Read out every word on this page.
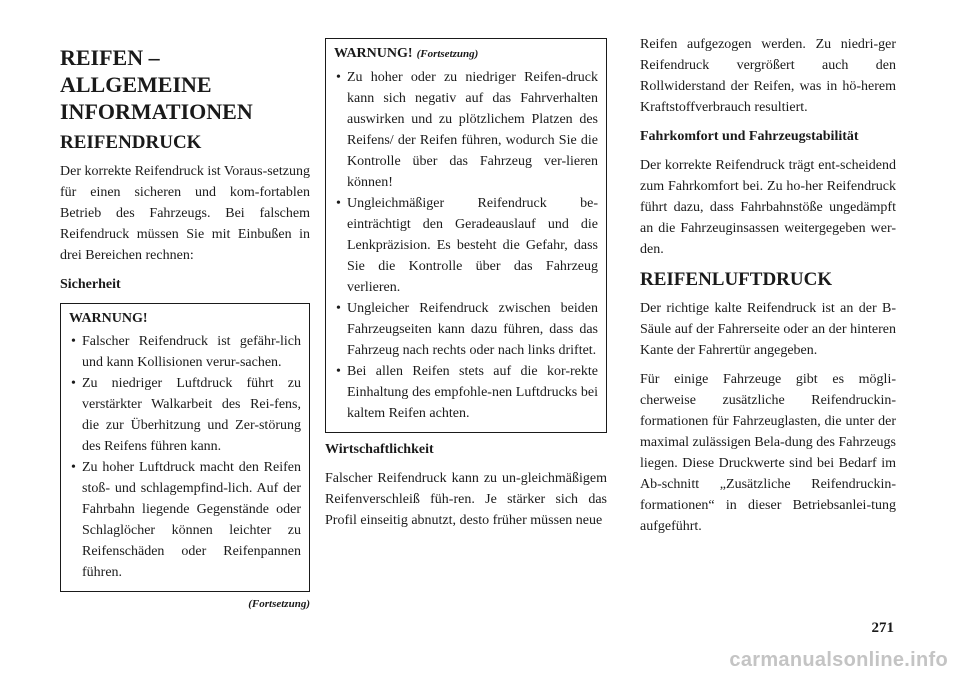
REIFEN – ALLGEMEINE INFORMATIONEN
REIFENDRUCK

Der korrekte Reifendruck ist Voraus-setzung für einen sicheren und kom-fortablen Betrieb des Fahrzeugs. Bei falschem Reifendruck müssen Sie mit Einbußen in drei Bereichen rechnen:

Sicherheit
WARNUNG!
• Falscher Reifendruck ist gefähr-lich und kann Kollisionen verur-sachen.
• Zu niedriger Luftdruck führt zu verstärkter Walkarbeit des Rei-fens, die zur Überhitzung und Zer-störung des Reifens führen kann.
• Zu hoher Luftdruck macht den Reifen stoß- und schlagempfind-lich. Auf der Fahrbahn liegende Gegenstände oder Schlaglöcher können leichter zu Reifenschäden oder Reifenpannen führen.
(Fortsetzung)
WARNUNG! (Fortsetzung)
• Zu hoher oder zu niedriger Reifen-druck kann sich negativ auf das Fahrverhalten auswirken und zu plötzlichem Platzen des Reifens/ der Reifen führen, wodurch Sie die Kontrolle über das Fahrzeug ver-lieren können!
• Ungleichmäßiger Reifendruck be-einträchtigt den Geradeauslauf und die Lenkpräzision. Es besteht die Gefahr, dass Sie die Kontrolle über das Fahrzeug verlieren.
• Ungleicher Reifendruck zwischen beiden Fahrzeugseiten kann dazu führen, dass das Fahrzeug nach rechts oder nach links driftet.
• Bei allen Reifen stets auf die kor-rekte Einhaltung des empfohle-nen Luftdrucks bei kaltem Reifen achten.
Wirtschaftlichkeit

Falscher Reifendruck kann zu un-gleichmäßigem Reifenverschleiß füh-ren. Je stärker sich das Profil einseitig abnutzt, desto früher müssen neue

Reifen aufgezogen werden. Zu niedri-ger Reifendruck vergrößert auch den Rollwiderstand der Reifen, was in hö-herem Kraftstoffverbrauch resultiert.

Fahrkomfort und Fahrzeugstabilität

Der korrekte Reifendruck trägt ent-scheidend zum Fahrkomfort bei. Zu ho-her Reifendruck führt dazu, dass Fahrbahnstöße ungedämpft an die Fahrzeuginsassen weitergegeben wer-den.

REIFENLUFTDRUCK

Der richtige kalte Reifendruck ist an der B-Säule auf der Fahrerseite oder an der hinteren Kante der Fahrertür angegeben.

Für einige Fahrzeuge gibt es mögli-cherweise zusätzliche Reifendruckin-formationen für Fahrzeuglasten, die unter der maximal zulässigen Bela-dung des Fahrzeugs liegen. Diese Druckwerte sind bei Bedarf im Ab-schnitt „Zusätzliche Reifendruckin-formationen“ in dieser Betriebsanlei-tung aufgeführt.

271
carmanualsonline.info
